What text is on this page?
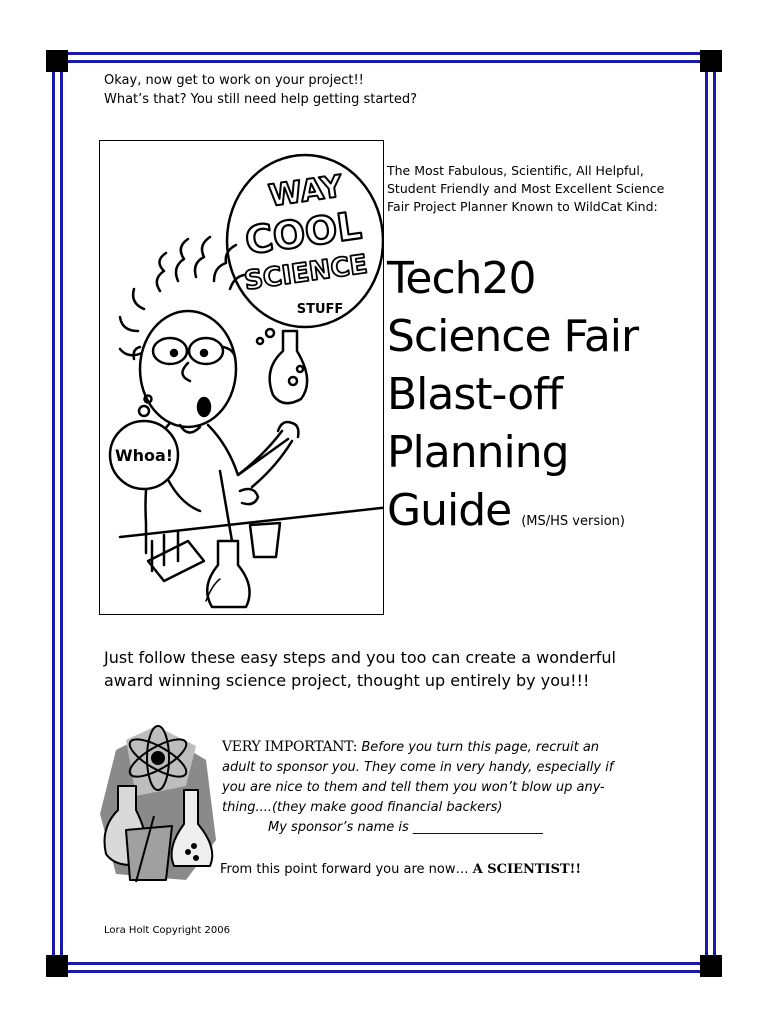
Okay, now get to work on your project!!
What’s that? You still need help getting started?
WAY
COOL
SCIENCE
STUFF
Whoa!
The Most Fabulous, Scientific, All Helpful,
Student Friendly and Most Excellent Science
Fair Project Planner Known to WildCat Kind:
Tech20
Science Fair
Blast-off
Planning
Guide (MS/HS version)
Just follow these easy steps and you too can create a wonderful
award winning science project, thought up entirely by you!!!
VERY IMPORTANT: Before you turn this page, recruit an
adult to sponsor you. They come in very handy, especially if
you are nice to them and tell them you won’t blow up any-
thing....(they make good financial backers)
My sponsor’s name is ____________________
From this point forward you are now… A SCIENTIST!!
Lora Holt Copyright 2006
